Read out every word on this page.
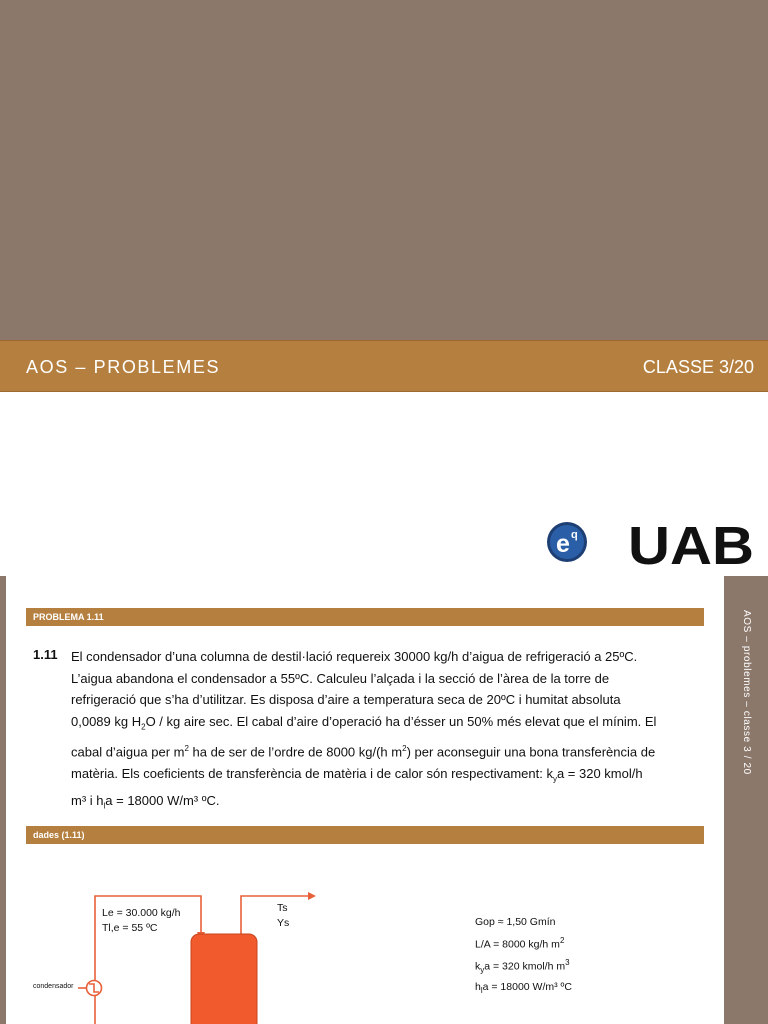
AOS – PROBLEMES	CLASSE 3/20
e q UAB
AOS – problemes – classe 3 / 20
PROBLEMA 1.11
1.11 El condensador d’una columna de destil·lació requereix 30000 kg/h d’aigua de refrigeració a 25ºC.
L’aigua abandona el condensador a 55ºC. Calculeu l’alçada i la secció de l’àrea de la torre de
refrigeració que s’ha d’utilitzar. Es disposa d’aire a temperatura seca de 20ºC i humitat absoluta
0,0089 kg $H_2O$ / kg aire sec. El cabal d’aire d’operació ha d’ésser un 50% més elevat que el mínim. El
cabal d’aigua per $m^2$ ha de ser de l’ordre de 8000 kg/(h $m^2$) per aconseguir una bona transferència de
matèria. Els coeficients de transferència de matèria i de calor són respectivament: $k_ya = 320$ kmol/h
m³ i $h_la = 18000$ W/m³ ºC.
dades (1.11)
Le = 30.000 kg/h
Tl,e = 55 ºC
Ts
Ys
condensador
Gop ≈ 1,50 Gmín
L/A = 8000 kg/h $m^2$
$k_ya = 320$ kmol/h $m^3$
$h_la = 18000$ W/m³ ºC
